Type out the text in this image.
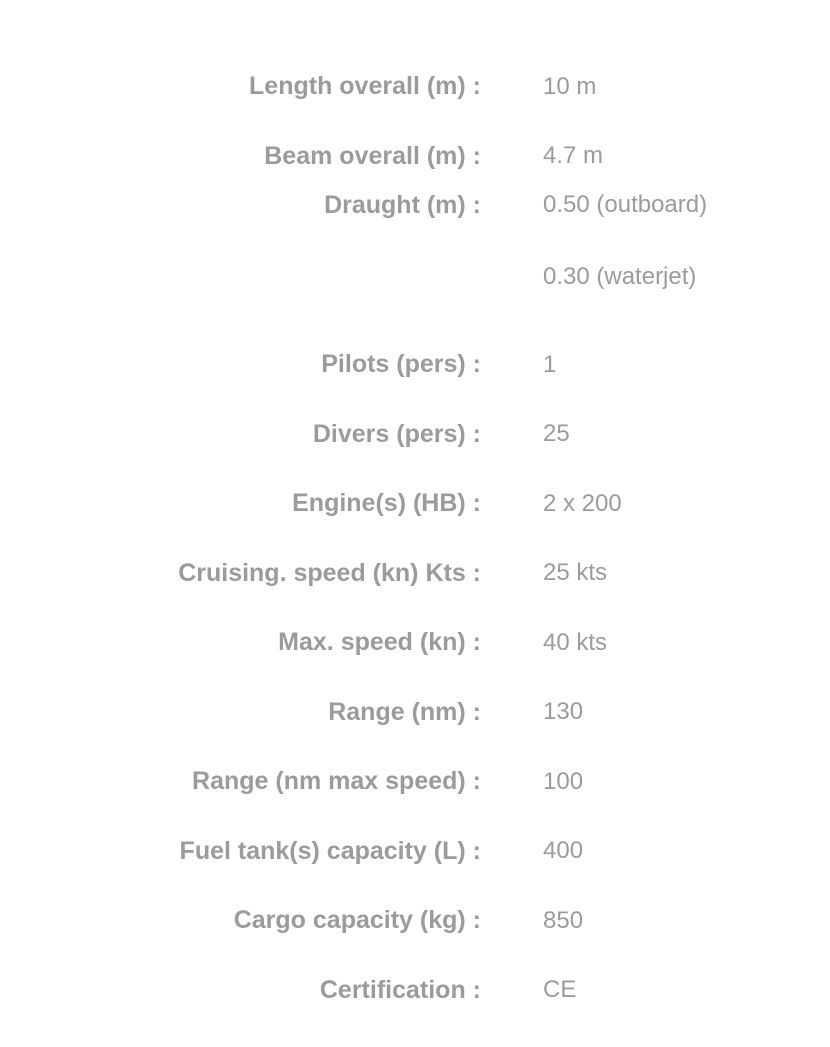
Length overall (m) :	10 m
Beam overall (m) :	4.7 m
Draught (m) :	0.50 (outboard)
0.30 (waterjet)

Pilots (pers) :	1
Divers (pers) :	25
Engine(s) (HB) :	2 x 200
Cruising. speed (kn) Kts :	25 kts
Max. speed (kn) :	40 kts
Range (nm) :	130
Range (nm max speed) :	100
Fuel tank(s) capacity (L) :	400
Cargo capacity (kg) :	850
Certification :	CE
